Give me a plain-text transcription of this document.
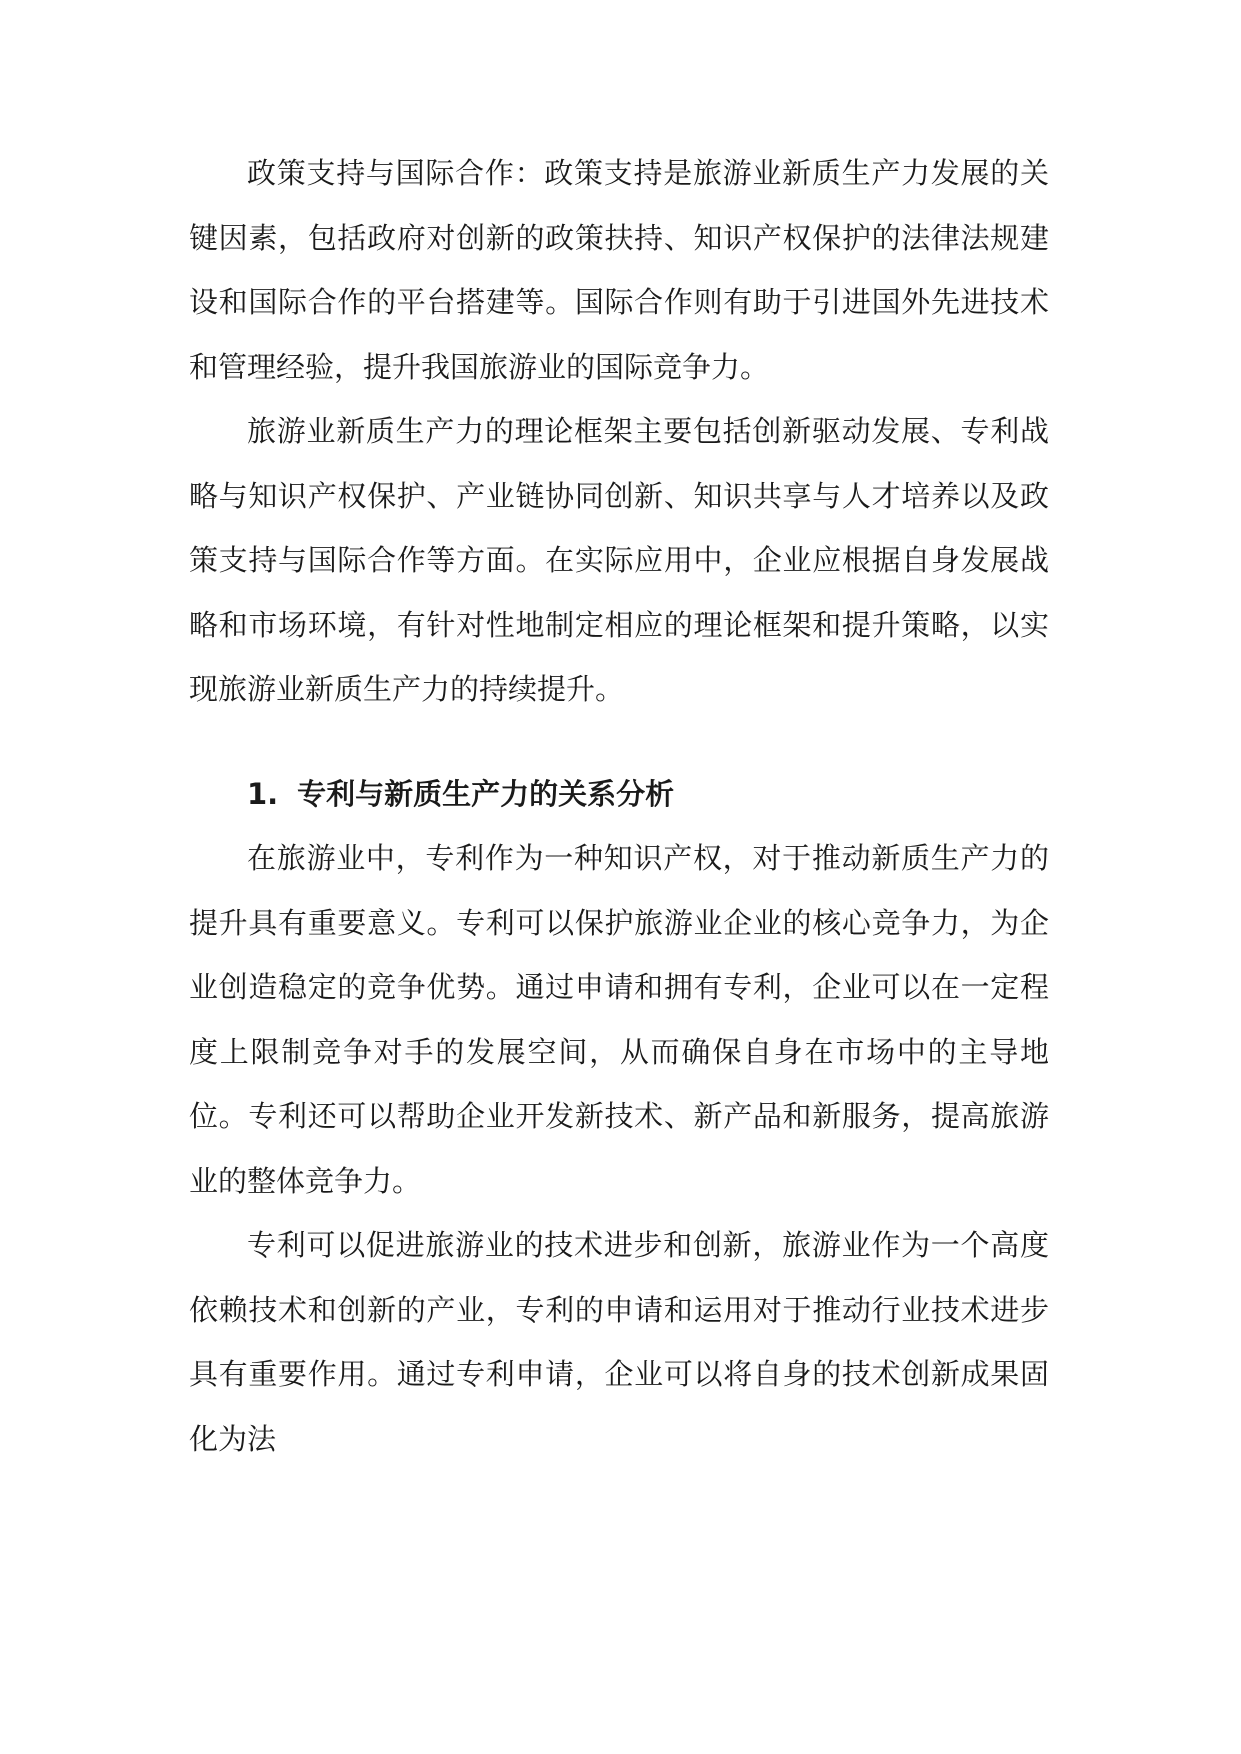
政策支持与国际合作：政策支持是旅游业新质生产力发展的关键因素，包括政府对创新的政策扶持、知识产权保护的法律法规建设和国际合作的平台搭建等。国际合作则有助于引进国外先进技术和管理经验，提升我国旅游业的国际竞争力。

旅游业新质生产力的理论框架主要包括创新驱动发展、专利战略与知识产权保护、产业链协同创新、知识共享与人才培养以及政策支持与国际合作等方面。在实际应用中，企业应根据自身发展战略和市场环境，有针对性地制定相应的理论框架和提升策略，以实现旅游业新质生产力的持续提升。

1. 专利与新质生产力的关系分析

在旅游业中，专利作为一种知识产权，对于推动新质生产力的提升具有重要意义。专利可以保护旅游业企业的核心竞争力，为企业创造稳定的竞争优势。通过申请和拥有专利，企业可以在一定程度上限制竞争对手的发展空间，从而确保自身在市场中的主导地位。专利还可以帮助企业开发新技术、新产品和新服务，提高旅游业的整体竞争力。

专利可以促进旅游业的技术进步和创新，旅游业作为一个高度依赖技术和创新的产业，专利的申请和运用对于推动行业技术进步具有重要作用。通过专利申请，企业可以将自身的技术创新成果固化为法
